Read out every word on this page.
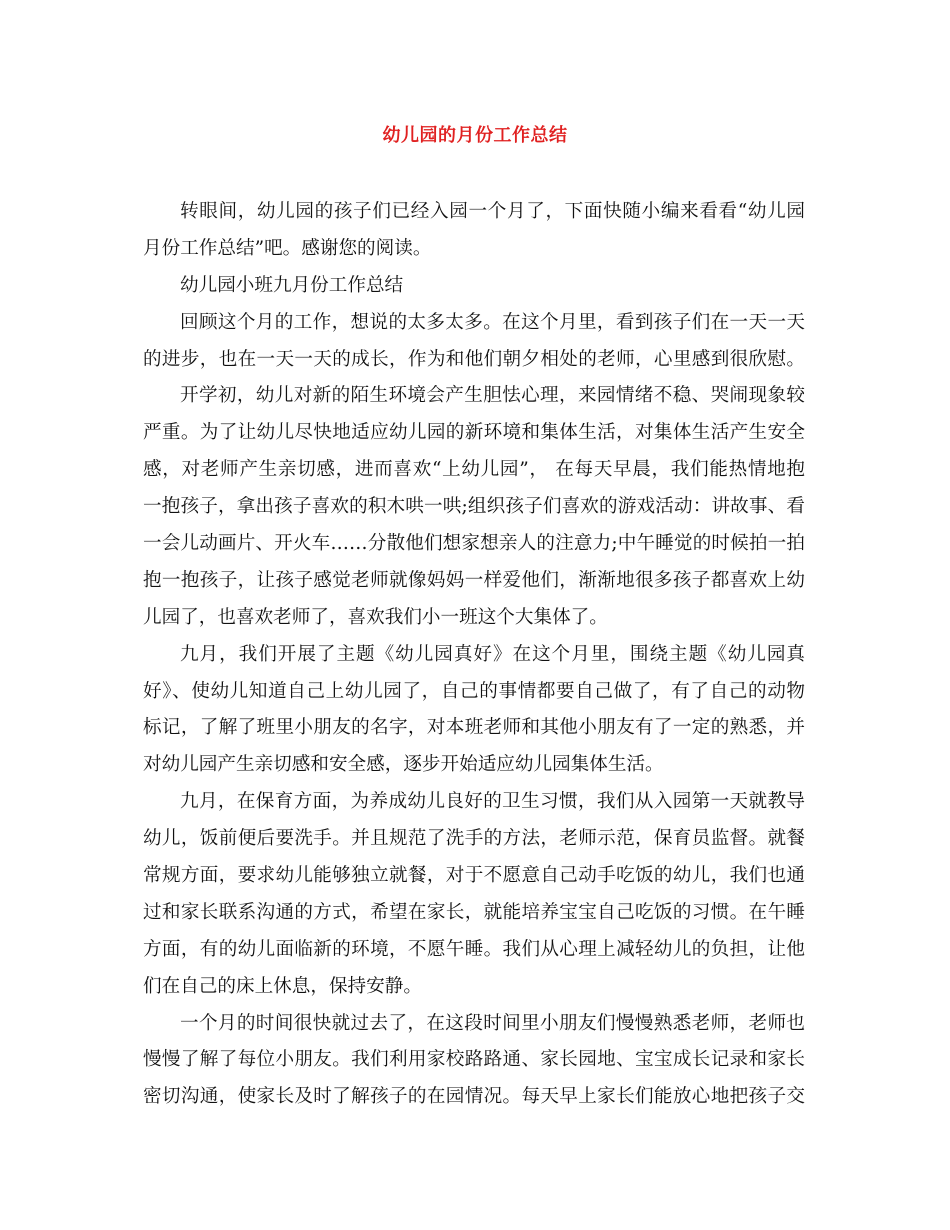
幼儿园的月份工作总结
转眼间，幼儿园的孩子们已经入园一个月了，下面快随小编来看看“幼儿园
月份工作总结”吧。感谢您的阅读。
幼儿园小班九月份工作总结
回顾这个月的工作，想说的太多太多。在这个月里，看到孩子们在一天一天
的进步，也在一天一天的成长，作为和他们朝夕相处的老师，心里感到很欣慰。
开学初，幼儿对新的陌生环境会产生胆怯心理，来园情绪不稳、哭闹现象较
严重。为了让幼儿尽快地适应幼儿园的新环境和集体生活，对集体生活产生安全
感，对老师产生亲切感，进而喜欢“上幼儿园”， 在每天早晨，我们能热情地抱
一抱孩子，拿出孩子喜欢的积木哄一哄;组织孩子们喜欢的游戏活动：讲故事、看
一会儿动画片、开火车……分散他们想家想亲人的注意力;中午睡觉的时候拍一拍
抱一抱孩子，让孩子感觉老师就像妈妈一样爱他们，渐渐地很多孩子都喜欢上幼
儿园了，也喜欢老师了，喜欢我们小一班这个大集体了。
九月，我们开展了主题《幼儿园真好》在这个月里，围绕主题《幼儿园真
好》、使幼儿知道自己上幼儿园了，自己的事情都要自己做了，有了自己的动物
标记，了解了班里小朋友的名字，对本班老师和其他小朋友有了一定的熟悉，并
对幼儿园产生亲切感和安全感，逐步开始适应幼儿园集体生活。
九月，在保育方面，为养成幼儿良好的卫生习惯，我们从入园第一天就教导
幼儿，饭前便后要洗手。并且规范了洗手的方法，老师示范，保育员监督。就餐
常规方面，要求幼儿能够独立就餐，对于不愿意自己动手吃饭的幼儿，我们也通
过和家长联系沟通的方式，希望在家长，就能培养宝宝自己吃饭的习惯。在午睡
方面，有的幼儿面临新的环境，不愿午睡。我们从心理上减轻幼儿的负担，让他
们在自己的床上休息，保持安静。
一个月的时间很快就过去了，在这段时间里小朋友们慢慢熟悉老师，老师也
慢慢了解了每位小朋友。我们利用家校路路通、家长园地、宝宝成长记录和家长
密切沟通，使家长及时了解孩子的在园情况。每天早上家长们能放心地把孩子交
